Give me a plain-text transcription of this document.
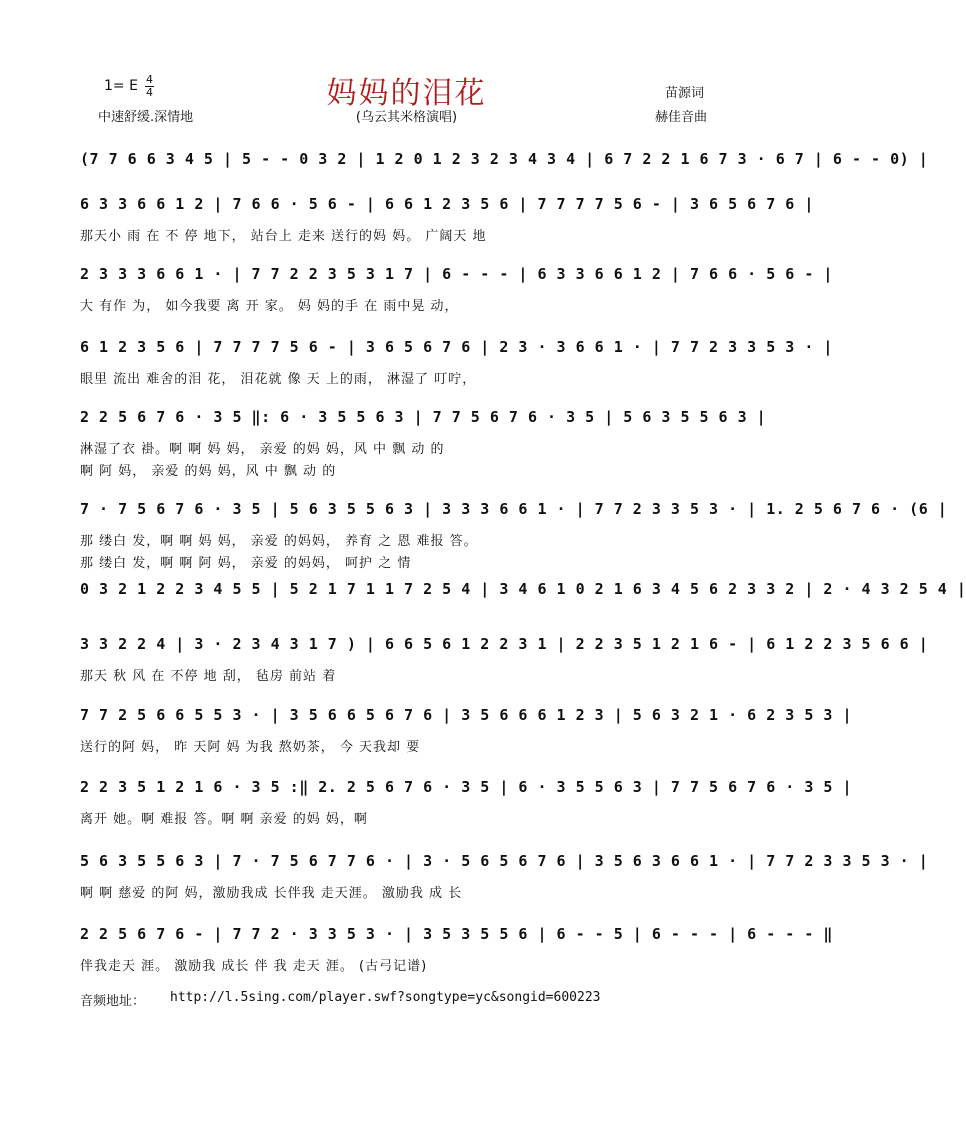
妈妈的泪花
(乌云其米格演唱)
1= E 4
4
中速舒缓.深情地
苗源词
赫佳音曲
(7 7 6 6 3 4 5 | 5 - - 0 3 2 | 1 2 0 1 2 3 2 3 4 3 4 | 6 7 2 2 1 6 7 3 · 6 7 | 6 - - 0) |
6 3 3 6 6 1 2 | 7 6 6 · 5 6 - | 6 6 1 2 3 5 6 | 7 7 7 7 5 6 - | 3 6 5 6 7 6 |
那天小 雨 在 不 停 地下， 站台上 走来 送行的妈 妈。 广阔天 地
2 3 3 3 6 6 1 · | 7 7 2 2 3 5 3 1 7 | 6 - - - | 6 3 3 6 6 1 2 | 7 6 6 · 5 6 - |
大 有作 为， 如今我要 离 开 家。 妈 妈的手 在 雨中晃 动，
6 1 2 3 5 6 | 7 7 7 7 5 6 - | 3 6 5 6 7 6 | 2 3 · 3 6 6 1 · | 7 7 2 3 3 5 3 · |
眼里 流出 难舍的泪 花， 泪花就 像 天 上的雨， 淋湿了 叮咛，
2 2 5 6 7 6 · 3 5 ‖: 6 · 3 5 5 6 3 | 7 7 5 6 7 6 · 3 5 | 5 6 3 5 5 6 3 |
淋湿了衣 褂。啊 啊 妈 妈， 亲爱 的妈 妈，风 中 飘 动 的
啊 阿 妈， 亲爱 的妈 妈，风 中 飘 动 的
7 · 7 5 6 7 6 · 3 5 | 5 6 3 5 5 6 3 | 3 3 3 6 6 1 · | 7 7 2 3 3 5 3 · | 1. 2 5 6 7 6 · (6 |
那 缕白 发，啊 啊 妈 妈， 亲爱 的妈妈， 养育 之 恩 难报 答。
那 缕白 发，啊 啊 阿 妈， 亲爱 的妈妈， 呵护 之 情
0 3 2 1 2 2 3 4 5 5 | 5 2 1 7 1 1 7 2 5 4 | 3 4 6 1 0 2 1 6 3 4 5 6 2 3 3 2 | 2 · 4 3 2 5 4 |
3 3 2 2 4 | 3 · 2 3 4 3 1 7 ) | 6 6 5 6 1 2 2 3 1 | 2 2 3 5 1 2 1 6 - | 6 1 2 2 3 5 6 6 |
那天 秋 风 在 不停 地 刮， 毡房 前站 着
7 7 2 5 6 6 5 5 3 · | 3 5 6 6 5 6 7 6 | 3 5 6 6 6 1 2 3 | 5 6 3 2 1 · 6 2 3 5 3 |
送行的阿 妈， 昨 天阿 妈 为我 熬奶茶， 今 天我却 要
2 2 3 5 1 2 1 6 · 3 5 :‖ 2. 2 5 6 7 6 · 3 5 | 6 · 3 5 5 6 3 | 7 7 5 6 7 6 · 3 5 |
离开 她。啊 难报 答。啊 啊 亲爱 的妈 妈，啊
5 6 3 5 5 6 3 | 7 · 7 5 6 7 7 6 · | 3 · 5 6 5 6 7 6 | 3 5 6 3 6 6 1 · | 7 7 2 3 3 5 3 · |
啊 啊 慈爱 的阿 妈，激励我成 长伴我 走天涯。 激励我 成 长
2 2 5 6 7 6 - | 7 7 2 · 3 3 5 3 · | 3 5 3 5 5 6 | 6 - - 5 | 6 - - - | 6 - - - ‖
伴我走天 涯。 激励我 成长 伴 我 走天 涯。 (古弓记谱)
音频地址： http://l.5sing.com/player.swf?songtype=yc&songid=600223
